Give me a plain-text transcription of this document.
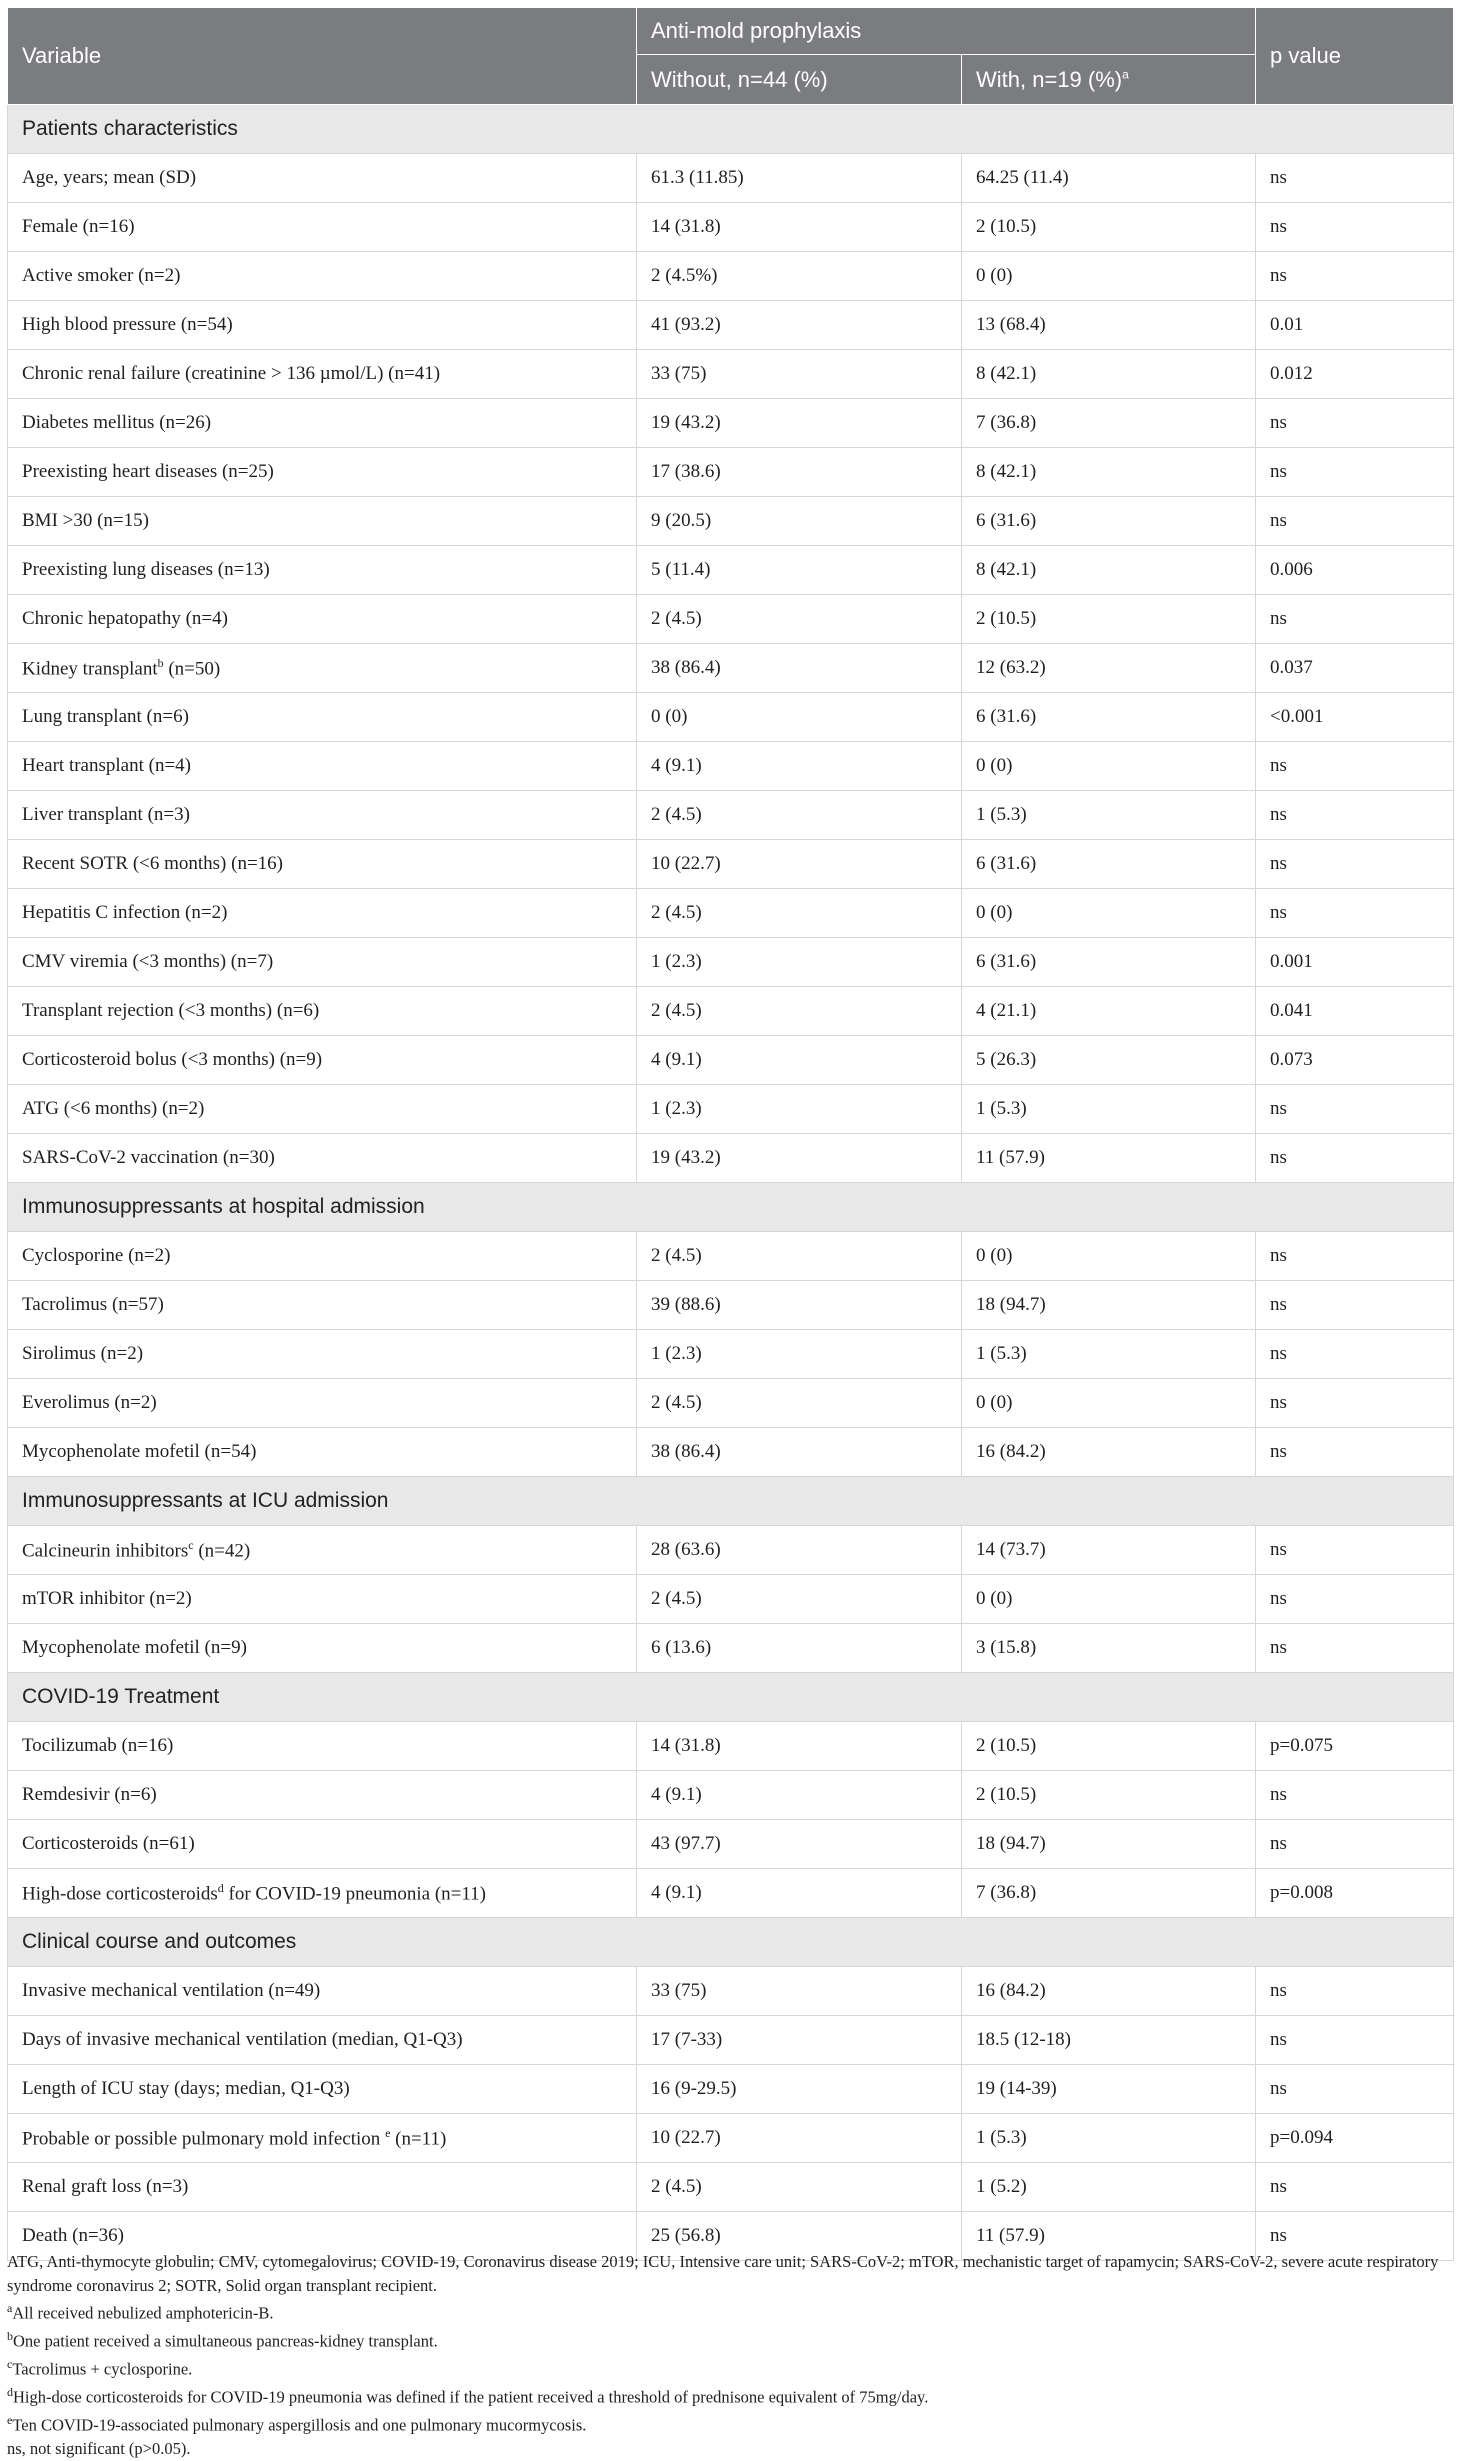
Variable	Anti-mold prophylaxis		p value
	Without, n=44 (%)	With, n=19 (%)$^a$
Patients characteristics			
Age, years; mean (SD)	61.3 (11.85)	64.25 (11.4)	ns
Female (n=16)	14 (31.8)	2 (10.5)	ns
Active smoker (n=2)	2 (4.5%)	0 (0)	ns
High blood pressure (n=54)	41 (93.2)	13 (68.4)	0.01
Chronic renal failure (creatinine > 136 µmol/L) (n=41)	33 (75)	8 (42.1)	0.012
Diabetes mellitus (n=26)	19 (43.2)	7 (36.8)	ns
Preexisting heart diseases (n=25)	17 (38.6)	8 (42.1)	ns
BMI >30 (n=15)	9 (20.5)	6 (31.6)	ns
Preexisting lung diseases (n=13)	5 (11.4)	8 (42.1)	0.006
Chronic hepatopathy (n=4)	2 (4.5)	2 (10.5)	ns
Kidney transplant$^b$ (n=50)	38 (86.4)	12 (63.2)	0.037
Lung transplant (n=6)	0 (0)	6 (31.6)	<0.001
Heart transplant (n=4)	4 (9.1)	0 (0)	ns
Liver transplant (n=3)	2 (4.5)	1 (5.3)	ns
Recent SOTR (<6 months) (n=16)	10 (22.7)	6 (31.6)	ns
Hepatitis C infection (n=2)	2 (4.5)	0 (0)	ns
CMV viremia (<3 months) (n=7)	1 (2.3)	6 (31.6)	0.001
Transplant rejection (<3 months) (n=6)	2 (4.5)	4 (21.1)	0.041
Corticosteroid bolus (<3 months) (n=9)	4 (9.1)	5 (26.3)	0.073
ATG (<6 months) (n=2)	1 (2.3)	1 (5.3)	ns
SARS-CoV-2 vaccination (n=30)	19 (43.2)	11 (57.9)	ns
Immunosuppressants at hospital admission			
Cyclosporine (n=2)	2 (4.5)	0 (0)	ns
Tacrolimus (n=57)	39 (88.6)	18 (94.7)	ns
Sirolimus (n=2)	1 (2.3)	1 (5.3)	ns
Everolimus (n=2)	2 (4.5)	0 (0)	ns
Mycophenolate mofetil (n=54)	38 (86.4)	16 (84.2)	ns
Immunosuppressants at ICU admission			
Calcineurin inhibitors$^c$ (n=42)	28 (63.6)	14 (73.7)	ns
mTOR inhibitor (n=2)	2 (4.5)	0 (0)	ns
Mycophenolate mofetil (n=9)	6 (13.6)	3 (15.8)	ns
COVID-19 Treatment			
Tocilizumab (n=16)	14 (31.8)	2 (10.5)	p=0.075
Remdesivir (n=6)	4 (9.1)	2 (10.5)	ns
Corticosteroids (n=61)	43 (97.7)	18 (94.7)	ns
High-dose corticosteroids$^d$ for COVID-19 pneumonia (n=11)	4 (9.1)	7 (36.8)	p=0.008
Clinical course and outcomes			
Invasive mechanical ventilation (n=49)	33 (75)	16 (84.2)	ns
Days of invasive mechanical ventilation (median, Q1-Q3)	17 (7-33)	18.5 (12-18)	ns
Length of ICU stay (days; median, Q1-Q3)	16 (9-29.5)	19 (14-39)	ns
Probable or possible pulmonary mold infection $^e$ (n=11)	10 (22.7)	1 (5.3)	p=0.094
Renal graft loss (n=3)	2 (4.5)	1 (5.2)	ns
Death (n=36)	25 (56.8)	11 (57.9)	ns
ATG, Anti-thymocyte globulin; CMV, cytomegalovirus; COVID-19, Coronavirus disease 2019; ICU, Intensive care unit; SARS-CoV-2; mTOR, mechanistic target of rapamycin; SARS-CoV-2, severe acute respiratory syndrome coronavirus 2; SOTR, Solid organ transplant recipient.
$^a$All received nebulized amphotericin-B.
$^b$One patient received a simultaneous pancreas-kidney transplant.
$^c$Tacrolimus + cyclosporine.
$^d$High-dose corticosteroids for COVID-19 pneumonia was defined if the patient received a threshold of prednisone equivalent of 75mg/day.
$^e$Ten COVID-19-associated pulmonary aspergillosis and one pulmonary mucormycosis.
ns, not significant (p>0.05).
